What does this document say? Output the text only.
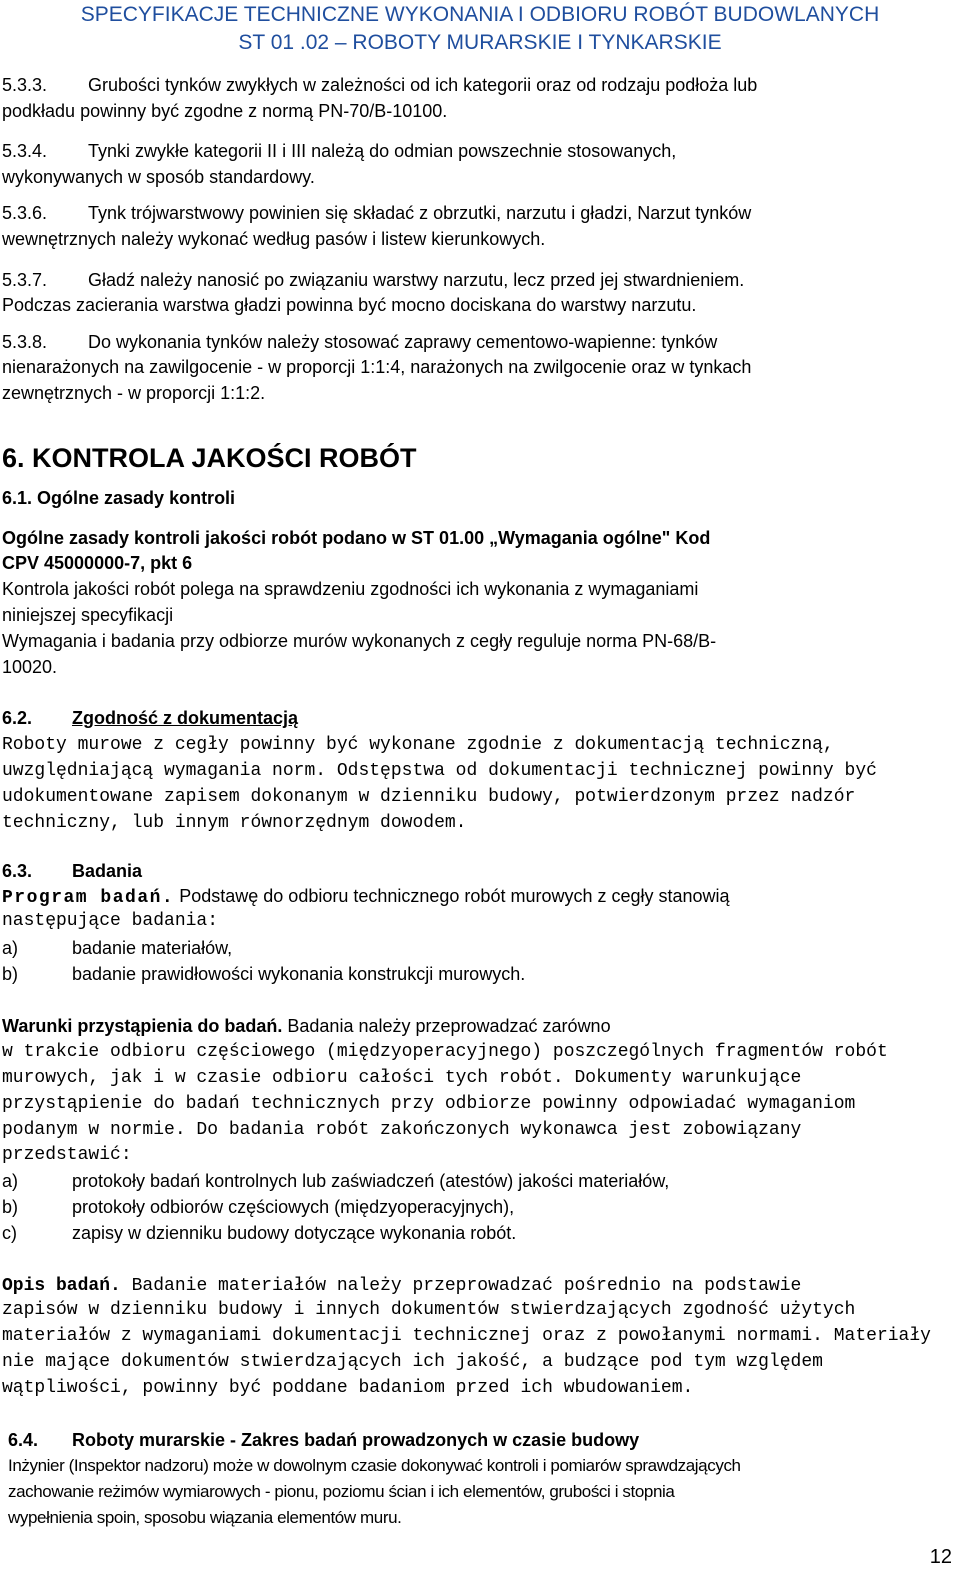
SPECYFIKACJE TECHNICZNE WYKONANIA I ODBIORU ROBÓT BUDOWLANYCH
ST 01 .02 – ROBOTY MURARSKIE I TYNKARSKIE
5.3.3. Grubości tynków zwykłych w zależności od ich kategorii oraz od rodzaju podłoża lub
podkładu powinny być zgodne z normą PN-70/B-10100.
5.3.4. Tynki zwykłe kategorii II i III należą do odmian powszechnie stosowanych,
wykonywanych w sposób standardowy.
5.3.6. Tynk trójwarstwowy powinien się składać z obrzutki, narzutu i gładzi, Narzut tynków
wewnętrznych należy wykonać według pasów i listew kierunkowych.
5.3.7. Gładź należy nanosić po związaniu warstwy narzutu, lecz przed jej stwardnieniem.
Podczas zacierania warstwa gładzi powinna być mocno dociskana do warstwy narzutu.
5.3.8. Do wykonania tynków należy stosować zaprawy cementowo-wapienne: tynków
nienarażonych na zawilgocenie - w proporcji 1:1:4, narażonych na zwilgocenie oraz w tynkach
zewnętrznych - w proporcji 1:1:2.
6. KONTROLA JAKOŚCI ROBÓT
6.1. Ogólne zasady kontroli
Ogólne zasady kontroli jakości robót podano w ST 01.00 „Wymagania ogólne" Kod
CPV 45000000-7, pkt 6
Kontrola jakości robót polega na sprawdzeniu zgodności ich wykonania z wymaganiami
niniejszej specyfikacji
Wymagania i badania przy odbiorze murów wykonanych z cegły reguluje norma PN-68/B-
10020.
6.2. Zgodność z dokumentacją
Roboty murowe z cegły powinny być wykonane zgodnie z dokumentacją techniczną,
uwzględniającą wymagania norm. Odstępstwa od dokumentacji technicznej powinny być
udokumentowane zapisem dokonanym w dzienniku budowy, potwierdzonym przez nadzór
techniczny, lub innym równorzędnym dowodem.
6.3. Badania
Program badań. Podstawę do odbioru technicznego robót murowych z cegły stanowią
następujące badania:
a)	badanie materiałów,
b)	badanie prawidłowości wykonania konstrukcji murowych.
Warunki przystąpienia do badań. Badania należy przeprowadzać zarówno
w trakcie odbioru częściowego (międzyoperacyjnego) poszczególnych fragmentów robót
murowych, jak i w czasie odbioru całości tych robót. Dokumenty warunkujące
przystąpienie do badań technicznych przy odbiorze powinny odpowiadać wymaganiom
podanym w normie. Do badania robót zakończonych wykonawca jest zobowiązany
przedstawić:
a)	protokoły badań kontrolnych lub zaświadczeń (atestów) jakości materiałów,
b)	protokoły odbiorów częściowych (międzyoperacyjnych),
c)	zapisy w dzienniku budowy dotyczące wykonania robót.
Opis badań. Badanie materiałów należy przeprowadzać pośrednio na podstawie
zapisów w dzienniku budowy i innych dokumentów stwierdzających zgodność użytych
materiałów z wymaganiami dokumentacji technicznej oraz z powołanymi normami. Materiały
nie mające dokumentów stwierdzających ich jakość, a budzące pod tym względem
wątpliwości, powinny być poddane badaniom przed ich wbudowaniem.
6.4. Roboty murarskie - Zakres badań prowadzonych w czasie budowy
Inżynier (Inspektor nadzoru) może w dowolnym czasie dokonywać kontroli i pomiarów sprawdzających
zachowanie reżimów wymiarowych - pionu, poziomu ścian i ich elementów, grubości i stopnia
wypełnienia spoin, sposobu wiązania elementów muru.
12
